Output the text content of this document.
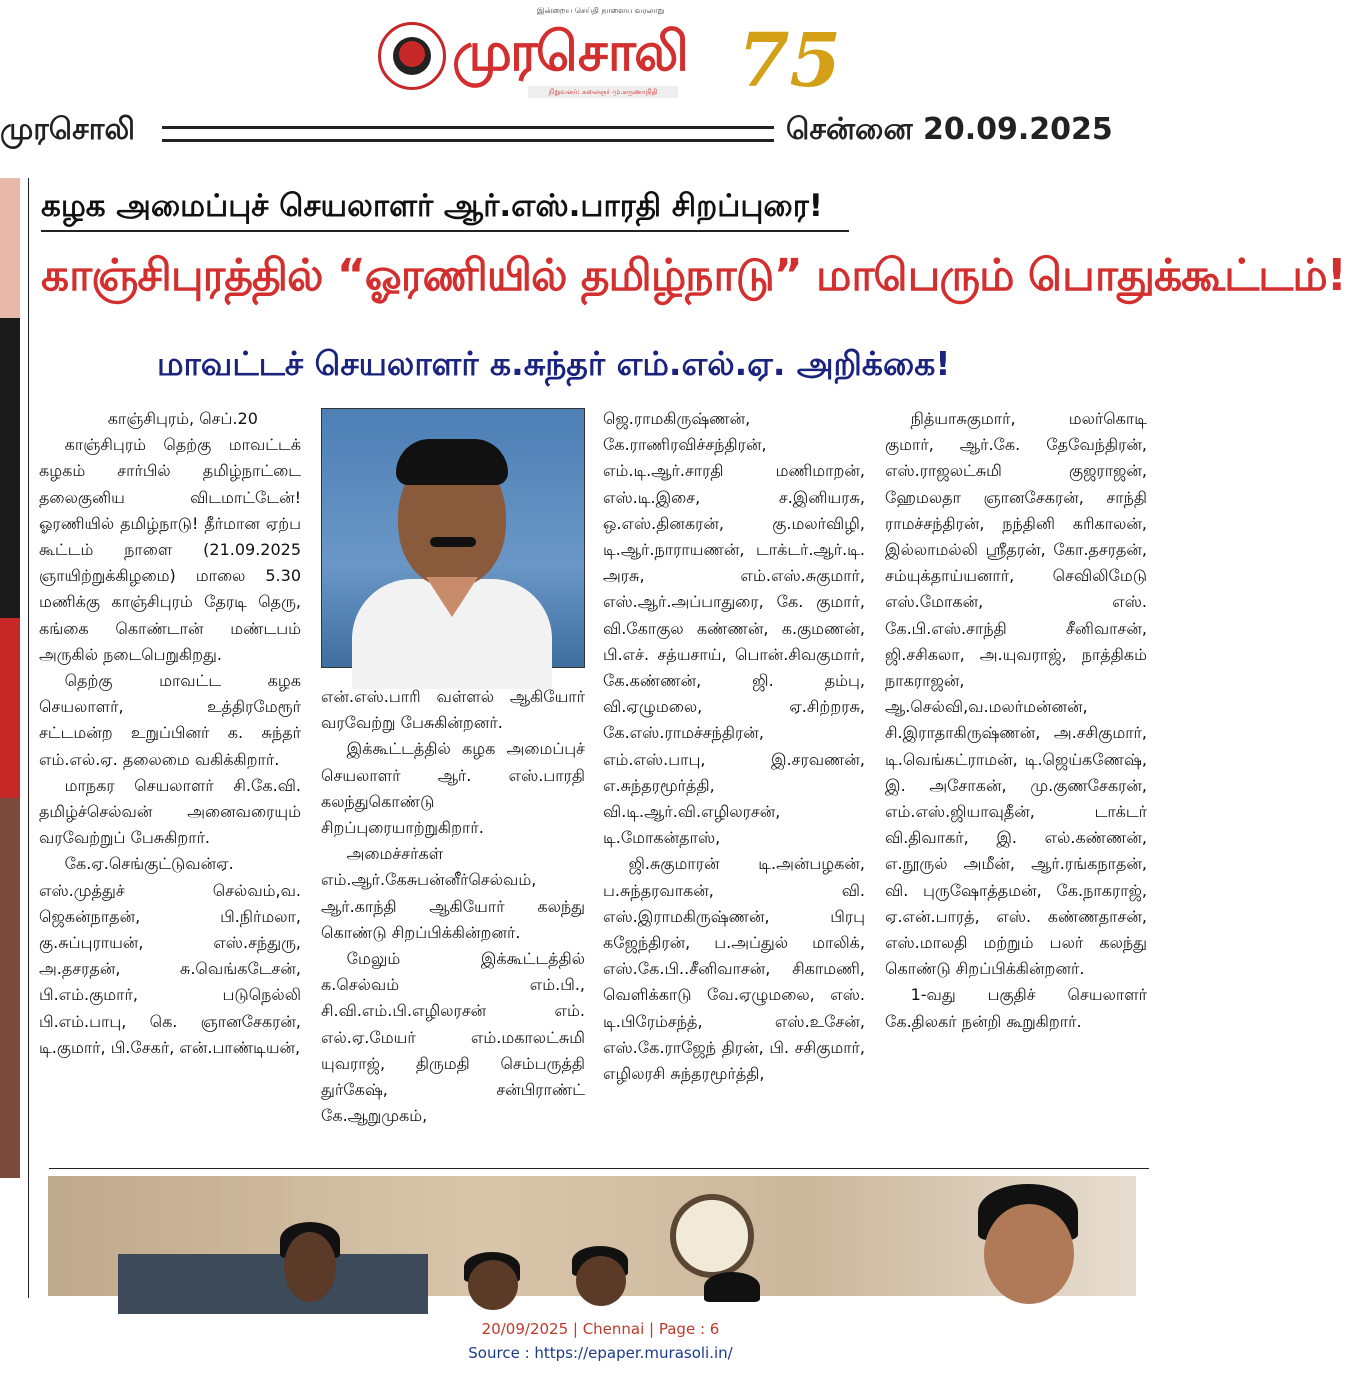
இன்றைய செய்தி நாளைய வரலாறு
முரசொலி
நிறுவனர்: கலைஞர் மு.கருணாநிதி 75
முரசொலி	சென்னை 20.09.2025
கழக அமைப்புச் செயலாளர் ஆர்.எஸ்.பாரதி சிறப்புரை!
காஞ்சிபுரத்தில் “ஓரணியில் தமிழ்நாடு” மாபெரும் பொதுக்கூட்டம்!
மாவட்டச் செயலாளர் க.சுந்தர் எம்.எல்.ஏ. அறிக்கை!

காஞ்சிபுரம், செப்.20

காஞ்சிபுரம் தெற்கு மாவட்டக் கழகம் சார்பில் தமிழ்நாட்டை தலைகுனிய விடமாட்டேன்! ஓரணியில் தமிழ்நாடு! தீர்மான ஏற்ப கூட்டம் நாளை (21.09.2025 ஞாயிற்றுக்கிழமை) மாலை 5.30 மணிக்கு காஞ்சிபுரம் தேரடி தெரு, கங்கை கொண்டான் மண்டபம் அருகில் நடைபெறுகிறது.

தெற்கு மாவட்ட கழக செயலாளர், உத்திரமேரூர் சட்டமன்ற உறுப்பினர் க. சுந்தர் எம்.எல்.ஏ. தலைமை வகிக்கிறார்.

மாநகர செயலாளர் சி.கே.வி. தமிழ்ச்செல்வன் அனைவரையும் வரவேற்றுப் பேசுகிறார்.

கே.ஏ.செங்குட்டுவன்ஏ. எஸ்.முத்துச் செல்வம்,வ. ஜெகன்நாதன், பி.நிர்மலா, கு.சுப்புராயன், எஸ்.சந்துரு, அ.தசரதன், சு.வெங்கடேசன், பி.எம்.குமார், படுநெல்லி பி.எம்.பாபு, கெ. ஞானசேகரன், டி.குமார், பி.சேகர், என்.பாண்டியன்,

என்.எஸ்.பாரி வள்ளல் ஆகியோர் வரவேற்று பேசுகின்றனர்.

இக்கூட்டத்தில் கழக அமைப்புச் செயலாளர் ஆர். எஸ்.பாரதி கலந்துகொண்டு சிறப்புரையாற்றுகிறார்.

அமைச்சர்கள் எம்.ஆர்.கேசுபன்னீர்செல்வம், ஆர்.காந்தி ஆகியோர் கலந்து கொண்டு சிறப்பிக்கின்றனர்.

மேலும் இக்கூட்டத்தில் க.செல்வம் எம்.பி., சி.வி.எம்.பி.எழிலரசன் எம். எல்.ஏ.மேயர் எம்.மகாலட்சுமி யுவராஜ், திருமதி செம்பருத்தி துர்கேஷ், சன்பிராண்ட் கே.ஆறுமுகம்,

ஜெ.ராமகிருஷ்ணன், கே.ராணிரவிச்சந்திரன், எம்.டி.ஆர்.சாரதி மணிமாறன், எஸ்.டி.இசை, ச.இனியரசு, ஒ.எஸ்.தினகரன், கு.மலர்விழி, டி.ஆர்.நாராயணன், டாக்டர்.ஆர்.டி. அரசு, எம்.எஸ்.சுகுமார், எஸ்.ஆர்.அப்பாதுரை, கே. குமார், வி.கோகுல கண்ணன், க.குமணன், பி.எச். சத்யசாய், பொன்.சிவகுமார், கே.கண்ணன், ஜி. தம்பு, வி.ஏழுமலை, ஏ.சிற்றரசு, கே.எஸ்.ராமச்சந்திரன், எம்.எஸ்.பாபு, இ.சரவணன், எ.சுந்தரமூர்த்தி, வி.டி.ஆர்.வி.எழிலரசன், டி.மோகன்தாஸ்,

ஜி.சுகுமாரன் டி.அன்பழகன், ப.சுந்தரவாகன், வி. எஸ்.இராமகிருஷ்ணன், பிரபு கஜேந்திரன், ப.அப்துல் மாலிக், எஸ்.கே.பி..சீனிவாசன், சிகாமணி, வெளிக்காடு வே.ஏழுமலை, எஸ். டி.பிரேம்சந்த், எஸ்.உசேன், எஸ்.கே.ராஜேந் திரன், பி. சசிகுமார், எழிலரசி சுந்தரமூர்த்தி,

நித்யாசுகுமார், மலர்கொடி குமார், ஆர்.கே. தேவேந்திரன், எஸ்.ராஜலட்சுமி குஜராஜன், ஹேமலதா ஞானசேகரன், சாந்தி ராமச்சந்திரன், நந்தினி கரிகாலன், இல்லாமல்லி ஸ்ரீதரன், கோ.தசரதன், சம்யுக்தாய்யனார், செவிலிமேடு எஸ்.மோகன், எஸ். கே.பி.எஸ்.சாந்தி சீனிவாசன், ஜி.சசிகலா, அ.யுவராஜ், நாத்திகம் நாகராஜன், ஆ.செல்வி,வ.மலர்மன்னன், சி.இராதாகிருஷ்ணன், அ.சசிகுமார், டி.வெங்கட்ராமன், டி.ஜெய்கணேஷ், இ. அசோகன், மு.குணசேகரன், எம்.எஸ்.ஜியாவுதீன், டாக்டர் வி.திவாகர், இ. எல்.கண்ணன், எ.நூருல் அமீன், ஆர்.ரங்கநாதன், வி. புருஷோத்தமன், கே.நாகராஜ், ஏ.என்.பாரத், எஸ். கண்ணதாசன், எஸ்.மாலதி மற்றும் பலர் கலந்து கொண்டு சிறப்பிக்கின்றனர்.

1-வது பகுதிச் செயலாளர் கே.திலகர் நன்றி கூறுகிறார்.

20/09/2025 | Chennai | Page : 6
Source : https://epaper.murasoli.in/
